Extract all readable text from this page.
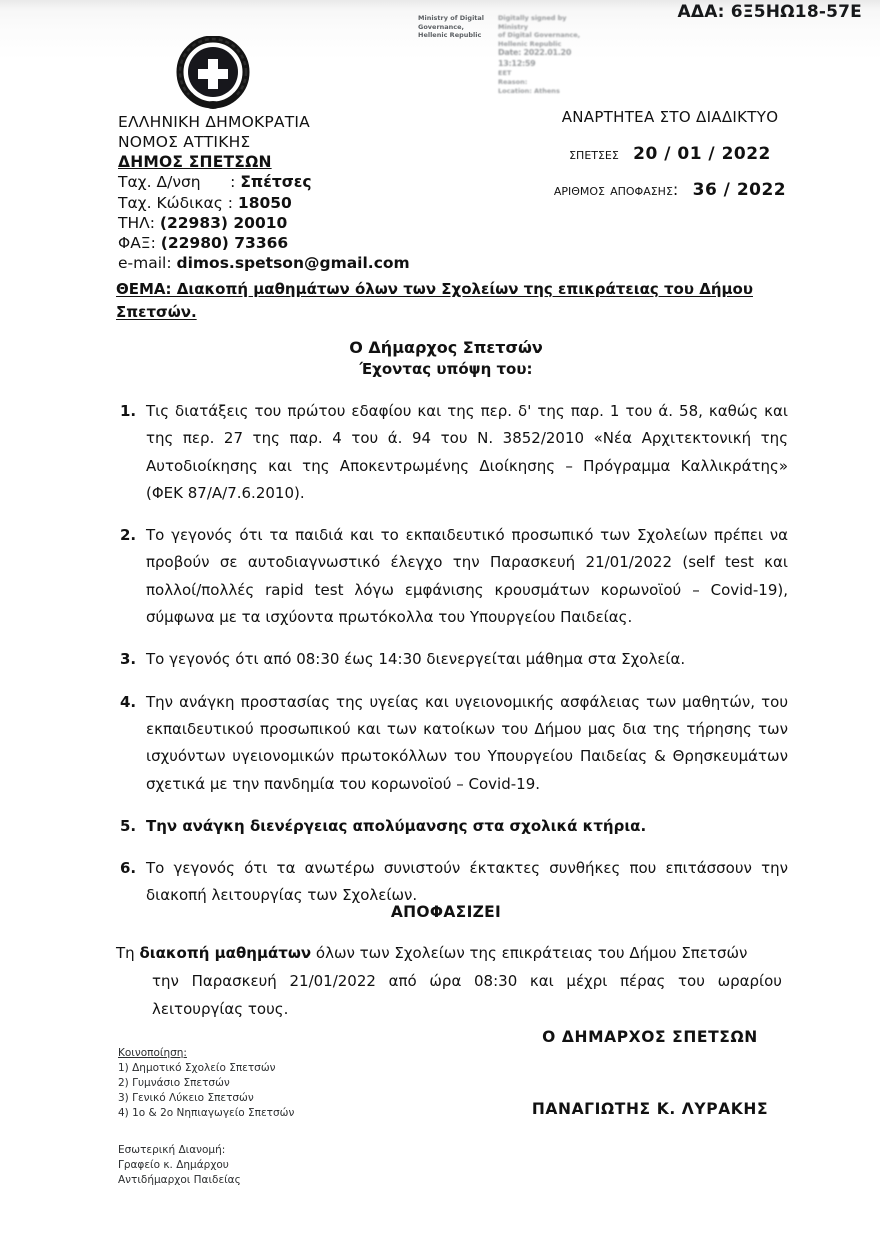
ΑΔΑ: 6Ξ5ΗΩ18-57Ε
Ministry of Digital
Governance,
Hellenic Republic
Digitally signed by Ministry
of Digital Governance,
Hellenic Republic
Date: 2022.01.20 13:12:59
EET
Reason:
Location: Athens
ΕΛΛΗΝΙΚΗ ΔΗΜΟΚΡΑΤΙΑ
ΝΟΜΟΣ ΑΤΤΙΚΗΣ
ΔΗΜΟΣ ΣΠΕΤΣΩΝ
Ταχ. Δ/νση      : Σπέτσες
Ταχ. Κώδικας : 18050
ΤΗΛ: (22983) 20010
ΦΑΞ: (22980) 73366
e-mail: dimos.spetson@gmail.com
ΑΝΑΡΤΗΤΕΑ ΣΤΟ ΔΙΑΔΙΚΤΥΟ
σπετσες 20 / 01 / 2022
αριθμοσ αποφασησ: 36 / 2022
ΘΕΜΑ: Διακοπή μαθημάτων όλων των Σχολείων της επικράτειας του Δήμου Σπετσών.
Ο Δήμαρχος Σπετσών
Έχοντας υπόψη του:
1. Τις διατάξεις του πρώτου εδαφίου και της περ. δ' της παρ. 1 του ά. 58, καθώς και της περ. 27 της παρ. 4 του ά. 94 του Ν. 3852/2010 «Νέα Αρχιτεκτονική της Αυτοδιοίκησης και της Αποκεντρωμένης Διοίκησης – Πρόγραμμα Καλλικράτης» (ΦΕΚ 87/Α/7.6.2010).
2. Το γεγονός ότι τα παιδιά και το εκπαιδευτικό προσωπικό των Σχολείων πρέπει να προβούν σε αυτοδιαγνωστικό έλεγχο την Παρασκευή 21/01/2022 (self test και πολλοί/πολλές rapid test λόγω εμφάνισης κρουσμάτων κορωνοϊού – Covid-19), σύμφωνα με τα ισχύοντα πρωτόκολλα του Υπουργείου Παιδείας.
3. Το γεγονός ότι από 08:30 έως 14:30 διενεργείται μάθημα στα Σχολεία.
4. Την ανάγκη προστασίας της υγείας και υγειονομικής ασφάλειας των μαθητών, του εκπαιδευτικού προσωπικού και των κατοίκων του Δήμου μας δια της τήρησης των ισχυόντων υγειονομικών πρωτοκόλλων του Υπουργείου Παιδείας & Θρησκευμάτων σχετικά με την πανδημία του κορωνοϊού – Covid-19.
5. Την ανάγκη διενέργειας απολύμανσης στα σχολικά κτήρια.
6. Το γεγονός ότι τα ανωτέρω συνιστούν έκτακτες συνθήκες που επιτάσσουν την διακοπή λειτουργίας των Σχολείων.
ΑΠΟΦΑΣΙΖΕΙ
Τη διακοπή μαθημάτων όλων των Σχολείων της επικράτειας του Δήμου Σπετσών
την Παρασκευή 21/01/2022 από ώρα 08:30 και μέχρι πέρας του ωραρίου λειτουργίας τους.
Ο ΔΗΜΑΡΧΟΣ ΣΠΕΤΣΩΝ
ΠΑΝΑΓΙΩΤΗΣ Κ. ΛΥΡΑΚΗΣ
Κοινοποίηση:
1) Δημοτικό Σχολείο Σπετσών
2) Γυμνάσιο Σπετσών
3) Γενικό Λύκειο Σπετσών
4) 1ο & 2ο Νηπιαγωγείο Σπετσών
Εσωτερική Διανομή:
Γραφείο κ. Δημάρχου
Αντιδήμαρχοι Παιδείας
